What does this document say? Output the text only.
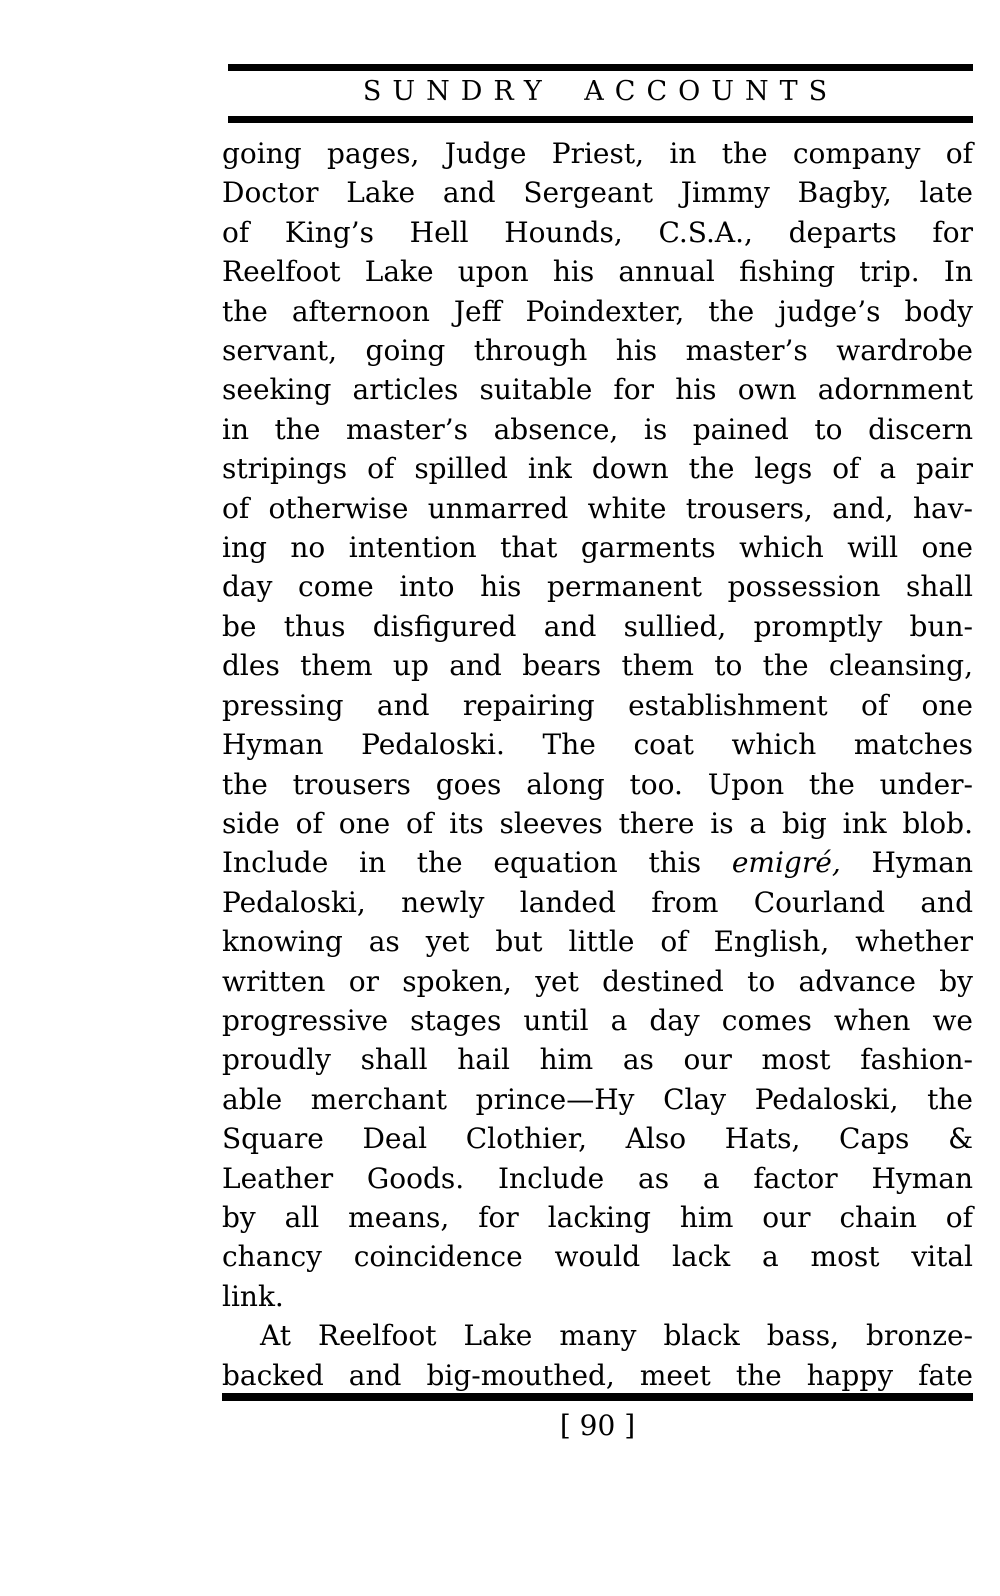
SUNDRY ACCOUNTS
going pages, Judge Priest, in the company of
Doctor Lake and Sergeant Jimmy Bagby, late
of King’s Hell Hounds, C.S.A., departs for
Reelfoot Lake upon his annual fishing trip. In
the afternoon Jeff Poindexter, the judge’s body
servant, going through his master’s wardrobe
seeking articles suitable for his own adornment
in the master’s absence, is pained to discern
stripings of spilled ink down the legs of a pair
of otherwise unmarred white trousers, and, hav-
ing no intention that garments which will one
day come into his permanent possession shall
be thus disfigured and sullied, promptly bun-
dles them up and bears them to the cleansing,
pressing and repairing establishment of one
Hyman Pedaloski. The coat which matches
the trousers goes along too. Upon the under-
side of one of its sleeves there is a big ink blob.
Include in the equation this emigré, Hyman
Pedaloski, newly landed from Courland and
knowing as yet but little of English, whether
written or spoken, yet destined to advance by
progressive stages until a day comes when we
proudly shall hail him as our most fashion-
able merchant prince—Hy Clay Pedaloski, the
Square Deal Clothier, Also Hats, Caps &
Leather Goods. Include as a factor Hyman
by all means, for lacking him our chain of
chancy coincidence would lack a most vital
link.
At Reelfoot Lake many black bass, bronze-
backed and big-mouthed, meet the happy fate
[ 90 ]
